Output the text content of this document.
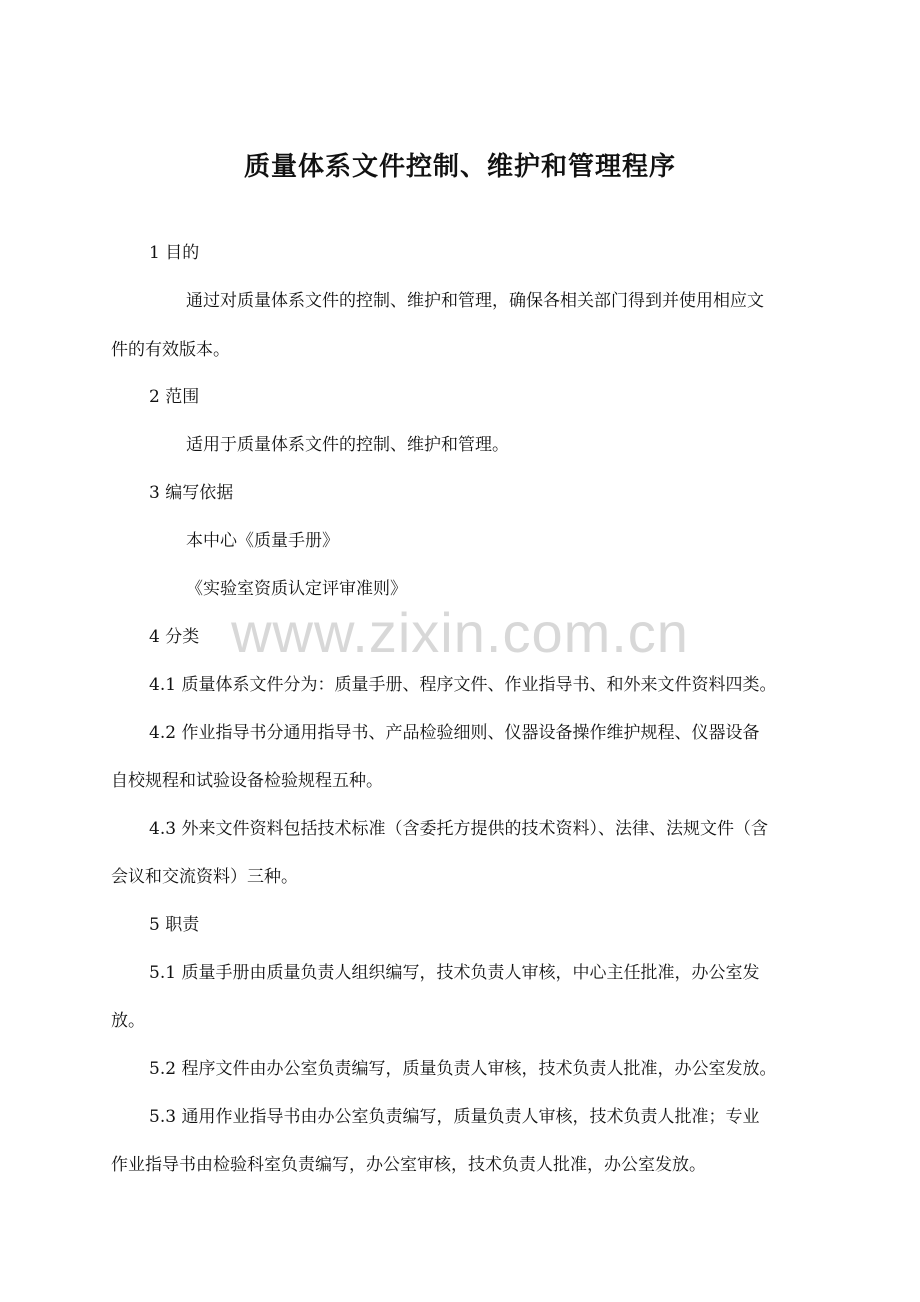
质量体系文件控制、维护和管理程序
www.zixin.com.cn
1 目的
通过对质量体系文件的控制、维护和管理，确保各相关部门得到并使用相应文
件的有效版本。
2 范围
适用于质量体系文件的控制、维护和管理。
3 编写依据
本中心《质量手册》
《实验室资质认定评审准则》
4 分类
4.1 质量体系文件分为：质量手册、程序文件、作业指导书、和外来文件资料四类。
4.2 作业指导书分通用指导书、产品检验细则、仪器设备操作维护规程、仪器设备
自校规程和试验设备检验规程五种。
4.3 外来文件资料包括技术标准（含委托方提供的技术资料）、法律、法规文件（含
会议和交流资料）三种。
5 职责
5.1 质量手册由质量负责人组织编写，技术负责人审核，中心主任批准，办公室发
放。
5.2 程序文件由办公室负责编写，质量负责人审核，技术负责人批准，办公室发放。
5.3 通用作业指导书由办公室负责编写，质量负责人审核，技术负责人批准；专业
作业指导书由检验科室负责编写，办公室审核，技术负责人批准，办公室发放。
